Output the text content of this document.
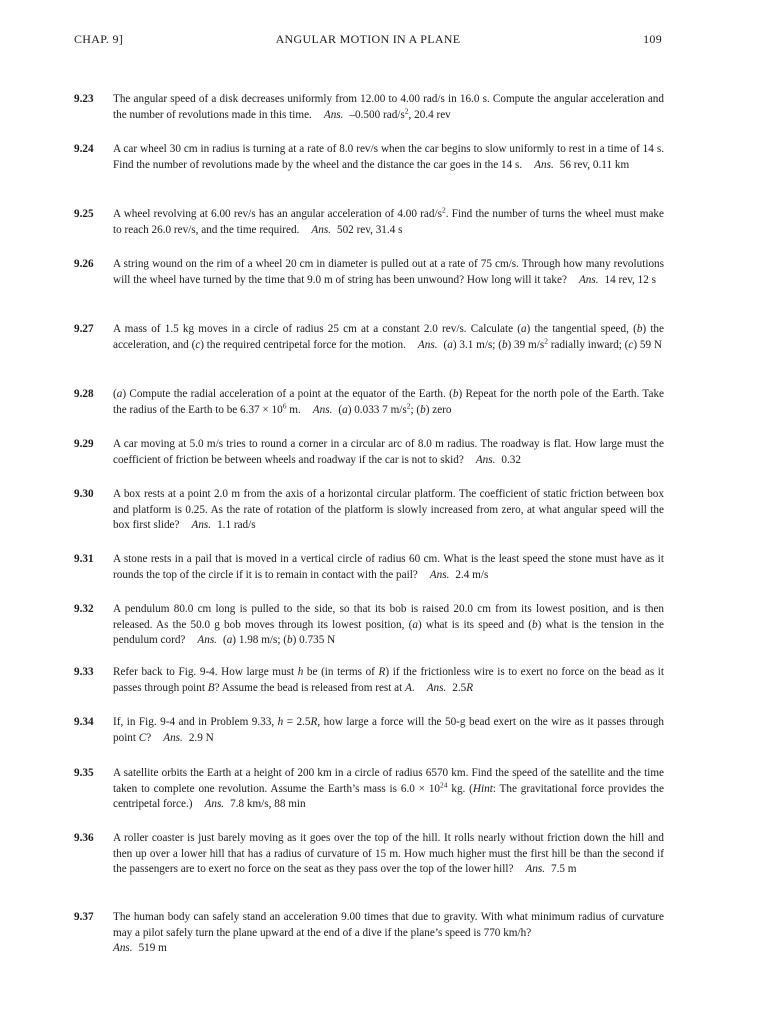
CHAP. 9]	ANGULAR MOTION IN A PLANE	109
9.23	The angular speed of a disk decreases uniformly from 12.00 to 4.00 rad/s in 16.0 s. Compute the angular acceleration and the number of revolutions made in this time. Ans. –0.500 rad/$s^2$, 20.4 rev
9.24	A car wheel 30 cm in radius is turning at a rate of 8.0 rev/s when the car begins to slow uniformly to rest in a time of 14 s. Find the number of revolutions made by the wheel and the distance the car goes in the 14 s. Ans. 56 rev, 0.11 km
9.25	A wheel revolving at 6.00 rev/s has an angular acceleration of 4.00 rad/$s^2$. Find the number of turns the wheel must make to reach 26.0 rev/s, and the time required. Ans. 502 rev, 31.4 s
9.26	A string wound on the rim of a wheel 20 cm in diameter is pulled out at a rate of 75 cm/s. Through how many revolutions will the wheel have turned by the time that 9.0 m of string has been unwound? How long will it take? Ans. 14 rev, 12 s
9.27	A mass of 1.5 kg moves in a circle of radius 25 cm at a constant 2.0 rev/s. Calculate (a) the tangential speed, (b) the acceleration, and (c) the required centripetal force for the motion. Ans. (a) 3.1 m/s; (b) 39 $m/s^2$ radially inward; (c) 59 N
9.28	(a) Compute the radial acceleration of a point at the equator of the Earth. (b) Repeat for the north pole of the Earth. Take the radius of the Earth to be $6.37 \times 10^6$ m. Ans. (a) 0.033 7 $m/s^2$; (b) zero
9.29	A car moving at 5.0 m/s tries to round a corner in a circular arc of 8.0 m radius. The roadway is flat. How large must the coefficient of friction be between wheels and roadway if the car is not to skid? Ans. 0.32
9.30	A box rests at a point 2.0 m from the axis of a horizontal circular platform. The coefficient of static friction between box and platform is 0.25. As the rate of rotation of the platform is slowly increased from zero, at what angular speed will the box first slide? Ans. 1.1 rad/s
9.31	A stone rests in a pail that is moved in a vertical circle of radius 60 cm. What is the least speed the stone must have as it rounds the top of the circle if it is to remain in contact with the pail? Ans. 2.4 m/s
9.32	A pendulum 80.0 cm long is pulled to the side, so that its bob is raised 20.0 cm from its lowest position, and is then released. As the 50.0 g bob moves through its lowest position, (a) what is its speed and (b) what is the tension in the pendulum cord? Ans. (a) 1.98 m/s; (b) 0.735 N
9.33	Refer back to Fig. 9-4. How large must h be (in terms of R) if the frictionless wire is to exert no force on the bead as it passes through point B? Assume the bead is released from rest at A. Ans. 2.5R
9.34	If, in Fig. 9-4 and in Problem 9.33, h = 2.5R, how large a force will the 50-g bead exert on the wire as it passes through point C? Ans. 2.9 N
9.35	A satellite orbits the Earth at a height of 200 km in a circle of radius 6570 km. Find the speed of the satellite and the time taken to complete one revolution. Assume the Earth’s mass is $6.0 \times 10^{24}$ kg. (Hint: The gravitational force provides the centripetal force.) Ans. 7.8 km/s, 88 min
9.36	A roller coaster is just barely moving as it goes over the top of the hill. It rolls nearly without friction down the hill and then up over a lower hill that has a radius of curvature of 15 m. How much higher must the first hill be than the second if the passengers are to exert no force on the seat as they pass over the top of the lower hill? Ans. 7.5 m
9.37	The human body can safely stand an acceleration 9.00 times that due to gravity. With what minimum radius of curvature may a pilot safely turn the plane upward at the end of a dive if the plane’s speed is 770 km/h?
Ans. 519 m
